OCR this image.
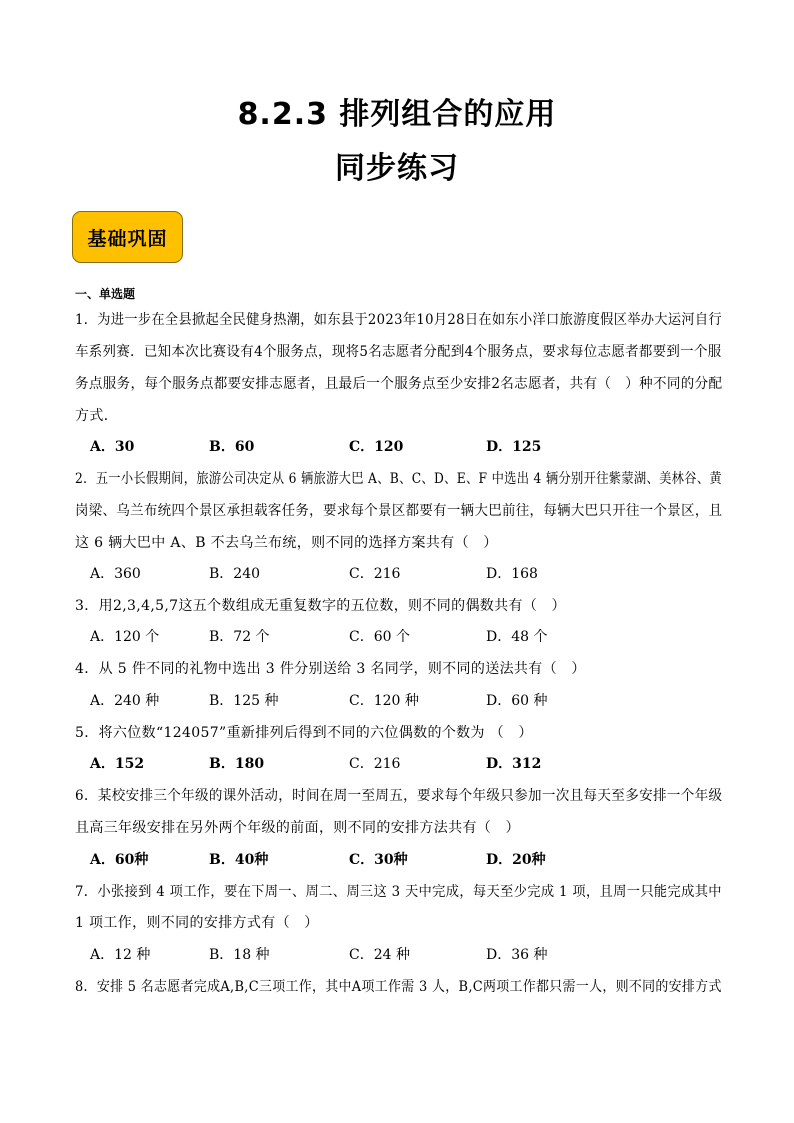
8.2.3 排列组合的应用
同步练习
基础巩固
一、单选题
1．为进一步在全县掀起全民健身热潮，如东县于2023年10月28日在如东小洋口旅游度假区举办大运河自行
车系列赛．已知本次比赛设有4个服务点，现将5名志愿者分配到4个服务点，要求每位志愿者都要到一个服
务点服务，每个服务点都要安排志愿者，且最后一个服务点至少安排2名志愿者，共有（　）种不同的分配
方式．
A．30	B．60	C．120	D．125
2．五一小长假期间，旅游公司决定从 6 辆旅游大巴 A、B、C、D、E、F 中选出 4 辆分别开往紫蒙湖、美林谷、黄
岗梁、乌兰布统四个景区承担载客任务，要求每个景区都要有一辆大巴前往，每辆大巴只开往一个景区，且
这 6 辆大巴中 A、B 不去乌兰布统，则不同的选择方案共有（　）
A．360	B．240	C．216	D．168
3．用2,3,4,5,7这五个数组成无重复数字的五位数，则不同的偶数共有（　）
A．120 个	B．72 个	C．60 个	D．48 个
4．从 5 件不同的礼物中选出 3 件分别送给 3 名同学，则不同的送法共有（　）
A．240 种	B．125 种	C．120 种	D．60 种
5．将六位数“124057”重新排列后得到不同的六位偶数的个数为 （　）
A．152	B．180	C．216	D．312
6．某校安排三个年级的课外活动，时间在周一至周五，要求每个年级只参加一次且每天至多安排一个年级
且高三年级安排在另外两个年级的前面，则不同的安排方法共有（　）
A．60种	B．40种	C．30种	D．20种
7．小张接到 4 项工作，要在下周一、周二、周三这 3 天中完成，每天至少完成 1 项，且周一只能完成其中
1 项工作，则不同的安排方式有（　）
A．12 种	B．18 种	C．24 种	D．36 种
8．安排 5 名志愿者完成A,B,C三项工作，其中A项工作需 3 人，B,C两项工作都只需一人，则不同的安排方式
